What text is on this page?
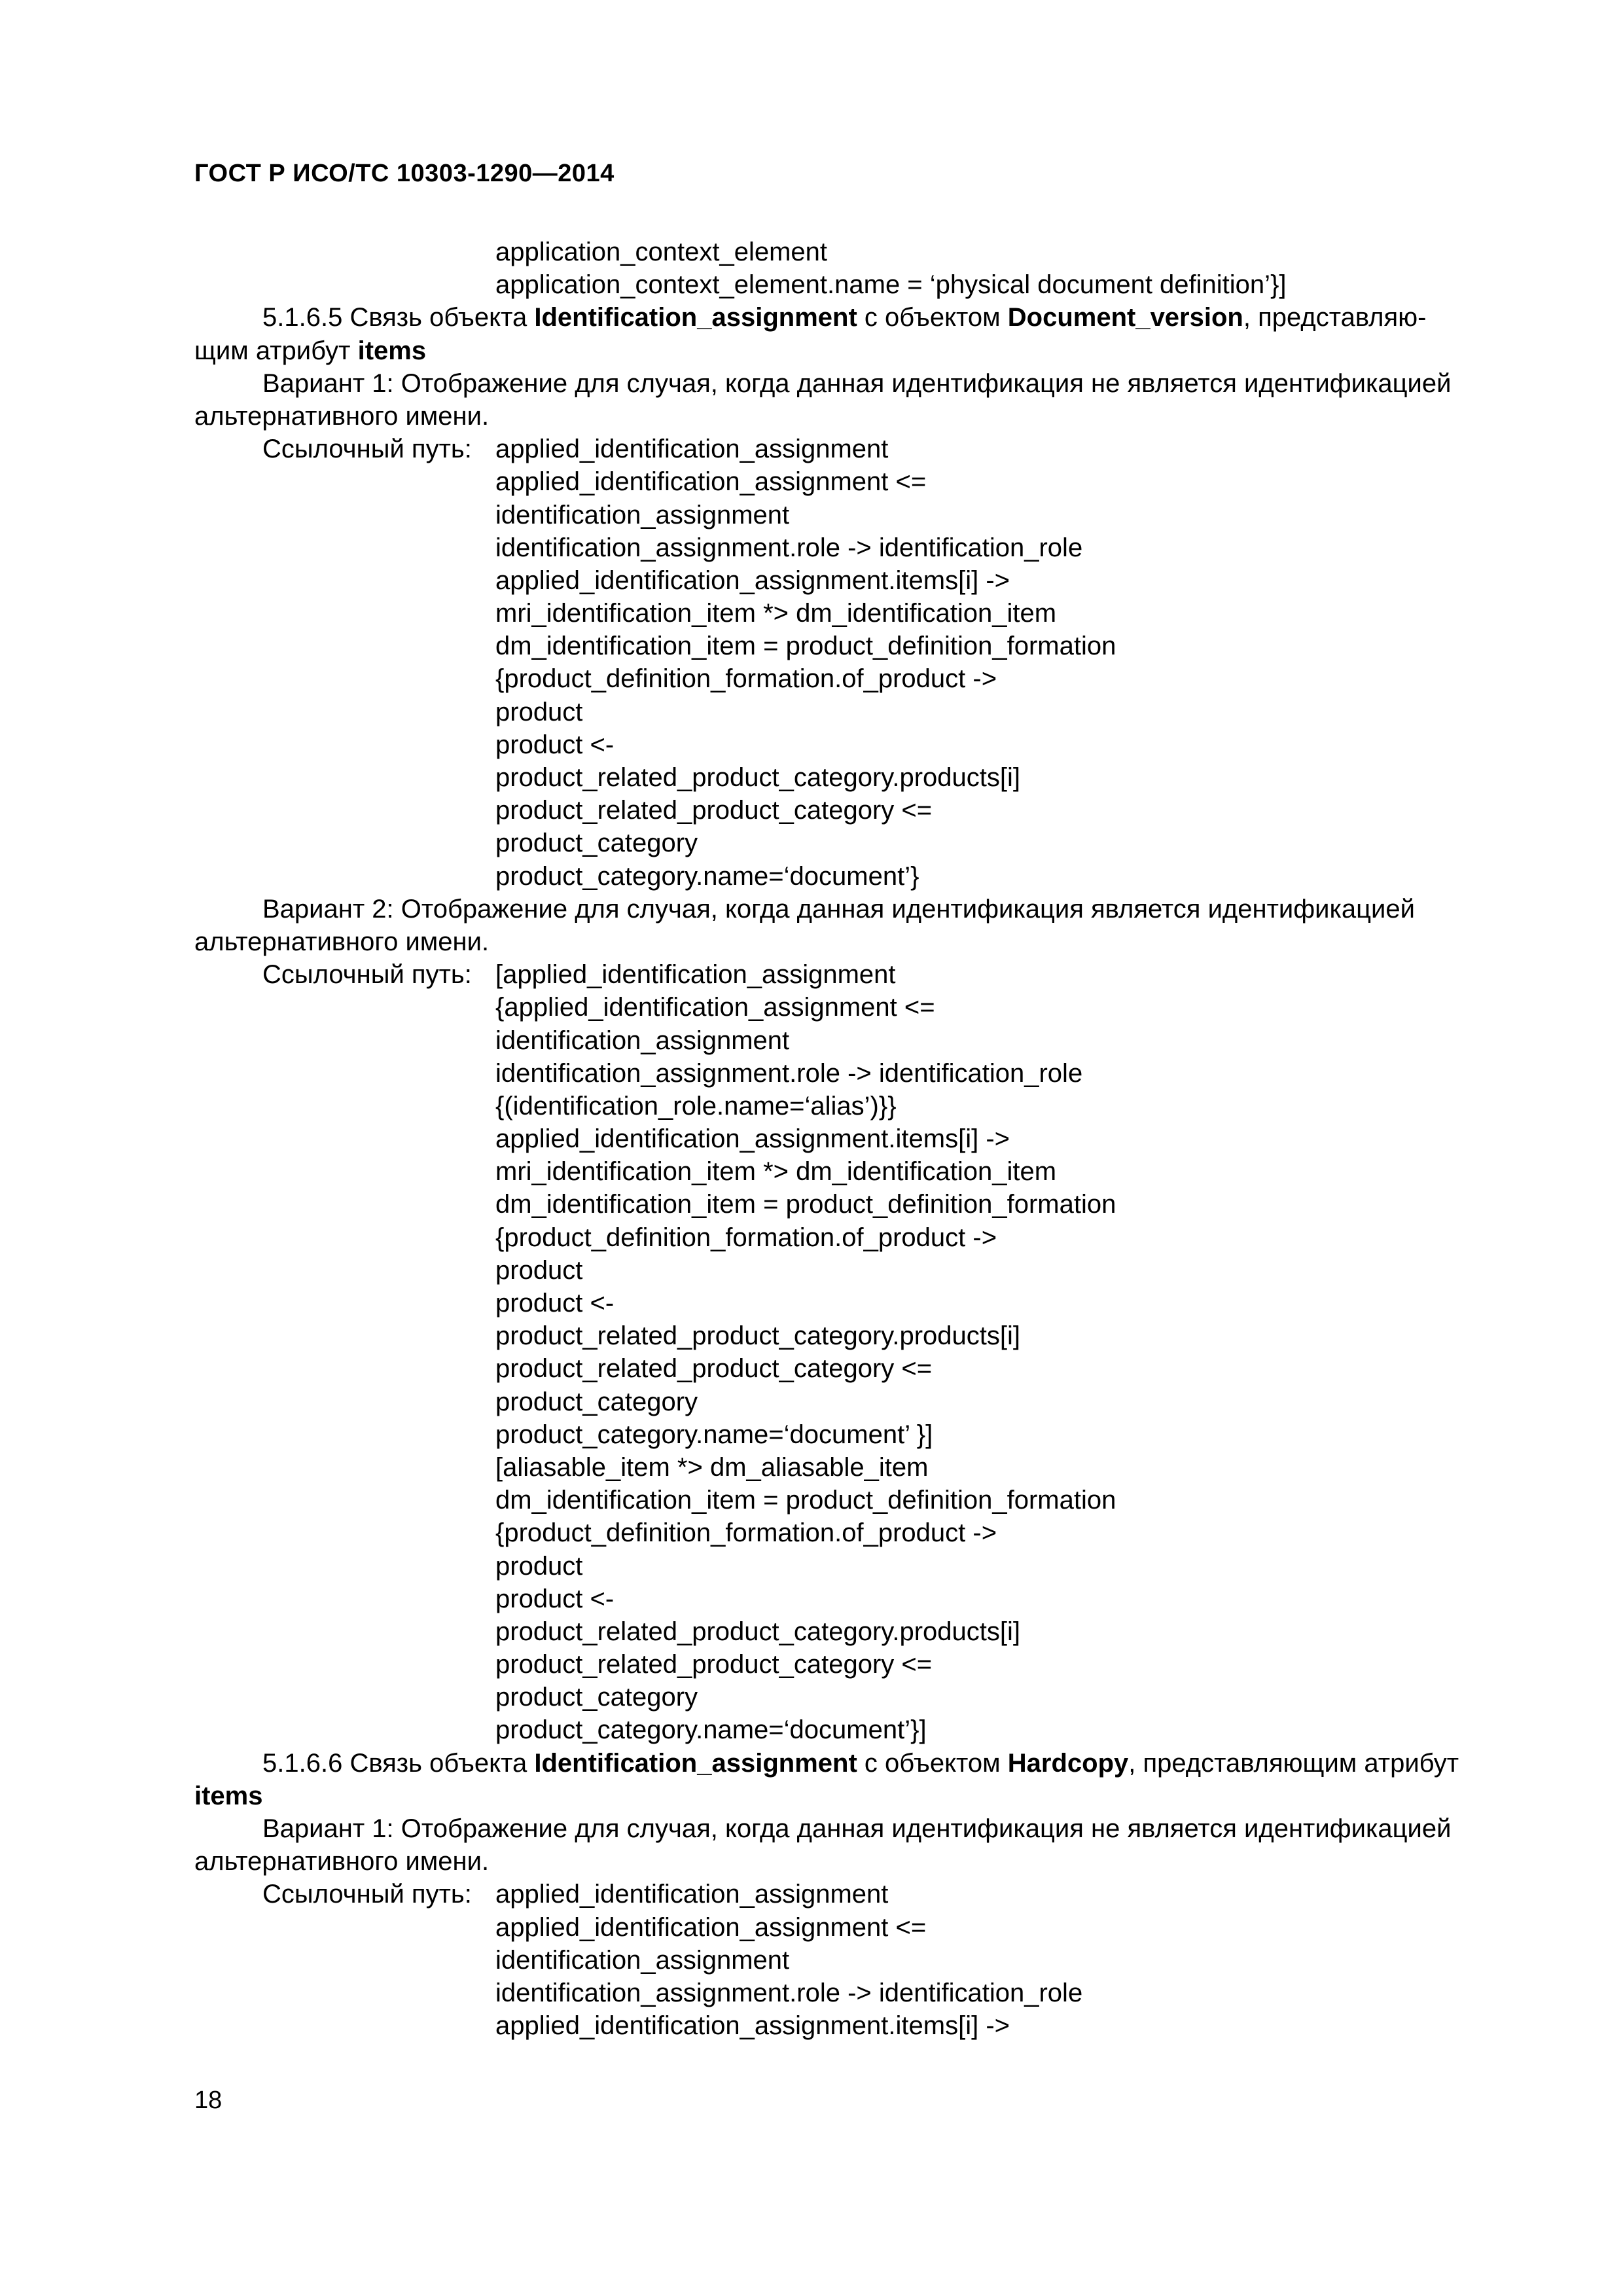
ГОСТ Р ИСО/ТС 10303-1290—2014
application_context_element
application_context_element.name = ‘physical document definition’}]
5.1.6.5 Связь объекта Identification_assignment с объектом Document_version, представляю-
щим атрибут items
Вариант 1: Отображение для случая, когда данная идентификация не является идентификацией
альтернативного имени.
Ссылочный путь: applied_identification_assignment
applied_identification_assignment <=
identification_assignment
identification_assignment.role -> identification_role
applied_identification_assignment.items[i] ->
mri_identification_item *> dm_identification_item
dm_identification_item = product_definition_formation
{product_definition_formation.of_product ->
product
product <-
product_related_product_category.products[i]
product_related_product_category <=
product_category
product_category.name=‘document’}
Вариант 2: Отображение для случая, когда данная идентификация является идентификацией
альтернативного имени.
Ссылочный путь: [applied_identification_assignment
{applied_identification_assignment <=
identification_assignment
identification_assignment.role -> identification_role
{(identification_role.name=‘alias’)}}
applied_identification_assignment.items[i] ->
mri_identification_item *> dm_identification_item
dm_identification_item = product_definition_formation
{product_definition_formation.of_product ->
product
product <-
product_related_product_category.products[i]
product_related_product_category <=
product_category
product_category.name=‘document’ }]
[aliasable_item *> dm_aliasable_item
dm_identification_item = product_definition_formation
{product_definition_formation.of_product ->
product
product <-
product_related_product_category.products[i]
product_related_product_category <=
product_category
product_category.name=‘document’}]
5.1.6.6 Связь объекта Identification_assignment с объектом Hardcopy, представляющим атрибут
items
Вариант 1: Отображение для случая, когда данная идентификация не является идентификацией
альтернативного имени.
Ссылочный путь: applied_identification_assignment
applied_identification_assignment <=
identification_assignment
identification_assignment.role -> identification_role
applied_identification_assignment.items[i] ->
18
